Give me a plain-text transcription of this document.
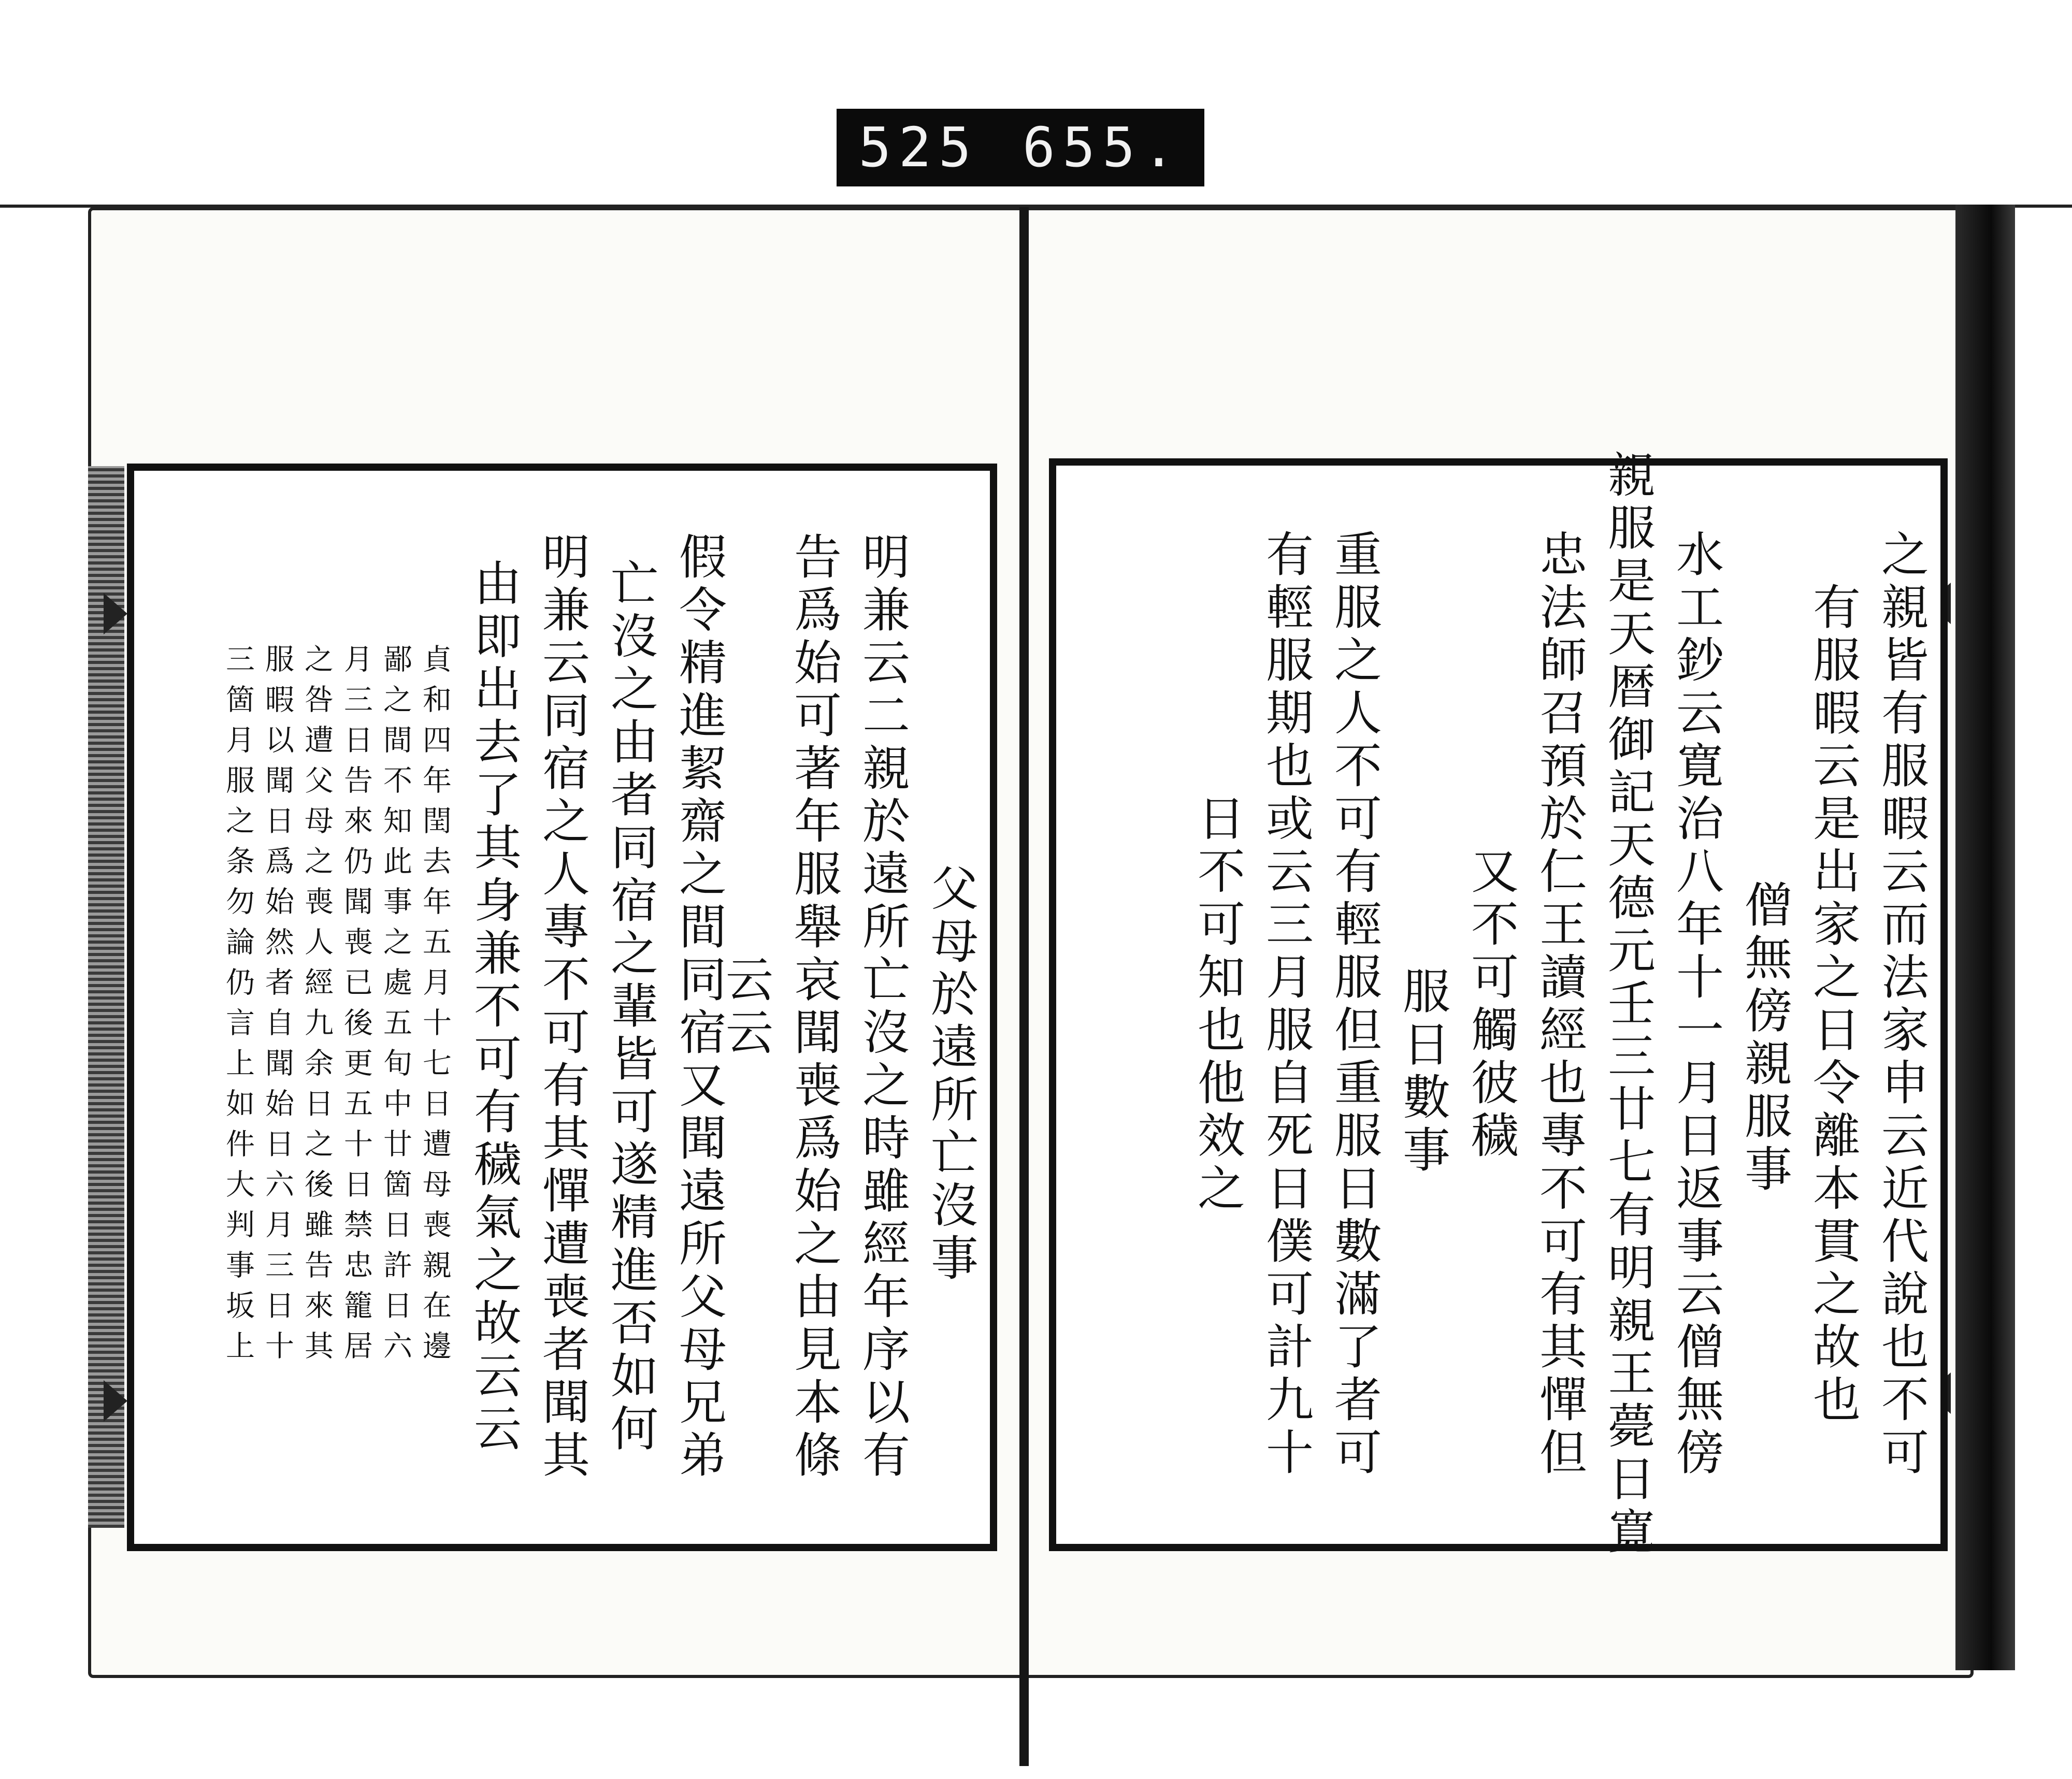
525 655.
之親皆有服暇云而法家申云近代說也不可
有服暇云是出家之日令離本貫之故也
僧無傍親服事
水工鈔云寛治八年十一月日返事云僧無傍
親服是天暦御記天德元壬三廿七有明親王薨日寛
忠法師召預於仁王讀經也專不可有其憚但
又不可觸彼穢
服日數事
重服之人不可有輕服但重服日數滿了者可
有輕服期也或云三月服自死日僕可計九十
日不可知也他效之
父母於遠所亡沒事
明兼云二親於遠所亡沒之時雖經年序以有
告爲始可著年服舉哀聞喪爲始之由見本條
云云
假令精進絜齋之間同宿又聞遠所父母兄弟
亡沒之由者同宿之輩皆可遂精進否如何
明兼云同宿之人專不可有其憚遭喪者聞其
由即出去了其身兼不可有穢氣之故云云
貞和四年閏去年五月十七日遭母喪親在邊
鄙之間不知此事之處五旬中廿箇日許日六
月三日告來仍聞喪已後更五十日禁忠籠居
之咎遭父母之喪人經九余日之後雖告來其
服暇以聞日爲始然者自聞始日六月三日十
三箇月服之条勿論仍言上如件大判事坂上
